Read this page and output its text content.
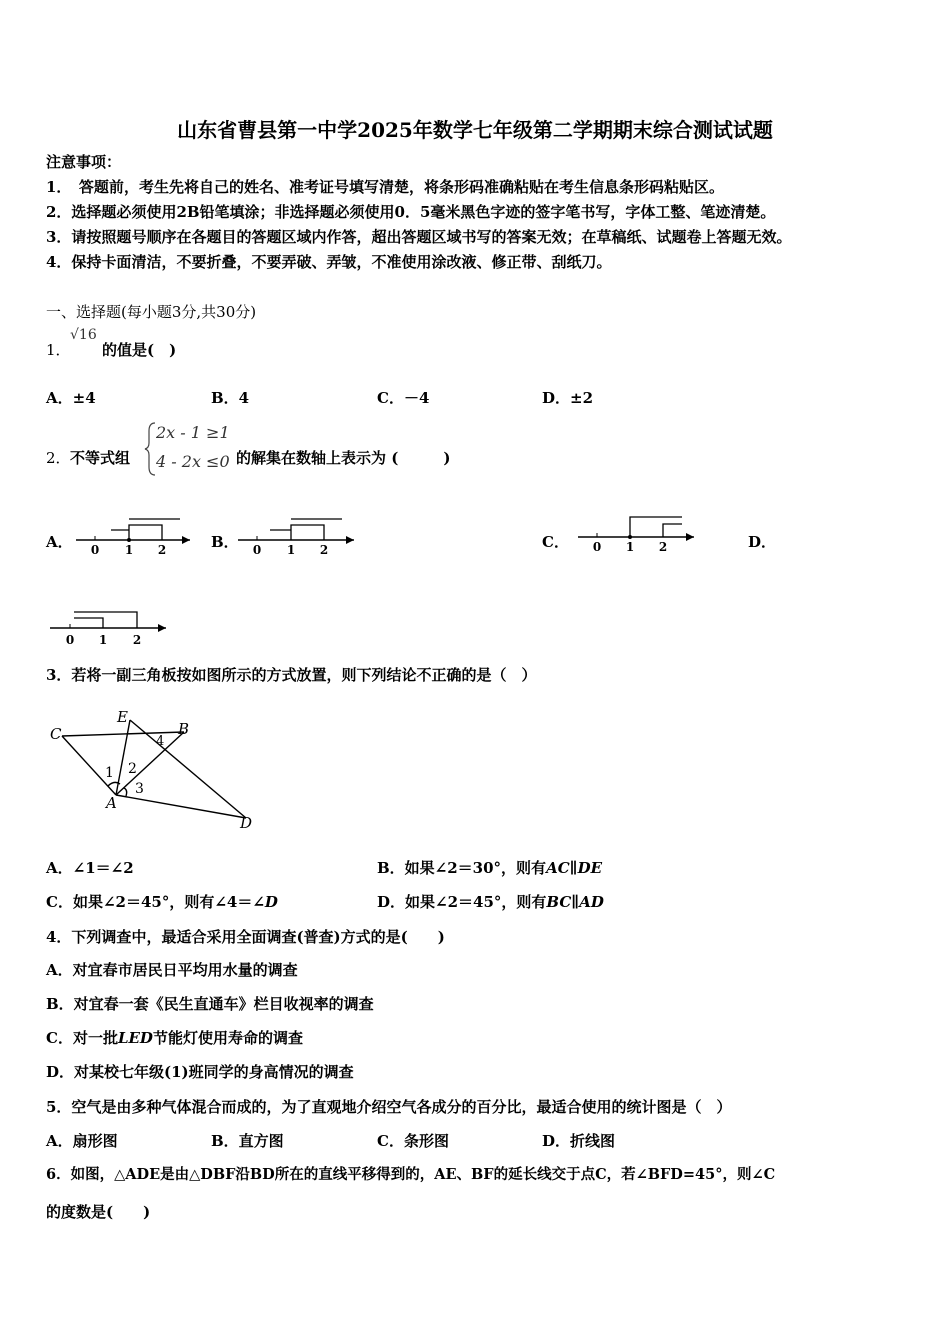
山东省曹县第一中学2025年数学七年级第二学期期末综合测试试题
注意事项：
1．　答题前，考生先将自己的姓名、准考证号填写清楚，将条形码准确粘贴在考生信息条形码粘贴区。
2．选择题必须使用2B铅笔填涂；非选择题必须使用0．5毫米黑色字迹的签字笔书写，字体工整、笔迹清楚。
3．请按照题号顺序在各题目的答题区域内作答，超出答题区域书写的答案无效；在草稿纸、试题卷上答题无效。
4．保持卡面清洁，不要折叠，不要弄破、弄皱，不准使用涂改液、修正带、刮纸刀。
一、选择题(每小题3分,共30分)
1．
√16
的值是(　)
A．±4	B．4	C．－4	D．±2
2． 不等式组
2x - 1 ≥1
4 - 2x ≤0 的解集在数轴上表示为 (　　　)
A． 0 1 2	B． 0 1 2	C． 0 1 2	D．
0 1 2
3．若将一副三角板按如图所示的方式放置，则下列结论不正确的是（　）
C
E
B
4
1 2
3
A
D
A．∠1＝∠2	B．如果∠2＝30°，则有AC∥DE
C．如果∠2＝45°，则有∠4＝∠D	D．如果∠2＝45°，则有BC∥AD
4．下列调查中，最适合采用全面调查(普查)方式的是(　　)
A．对宜春市居民日平均用水量的调查
B．对宜春一套《民生直通车》栏目收视率的调查
C．对一批LED节能灯使用寿命的调查
D．对某校七年级(1)班同学的身高情况的调查
5．空气是由多种气体混合而成的，为了直观地介绍空气各成分的百分比，最适合使用的统计图是（　）
A．扇形图	B．直方图	C．条形图	D．折线图
6．如图，△ADE是由△DBF沿BD所在的直线平移得到的，AE、BF的延长线交于点C，若∠BFD=45°，则∠C
的度数是(　　)
